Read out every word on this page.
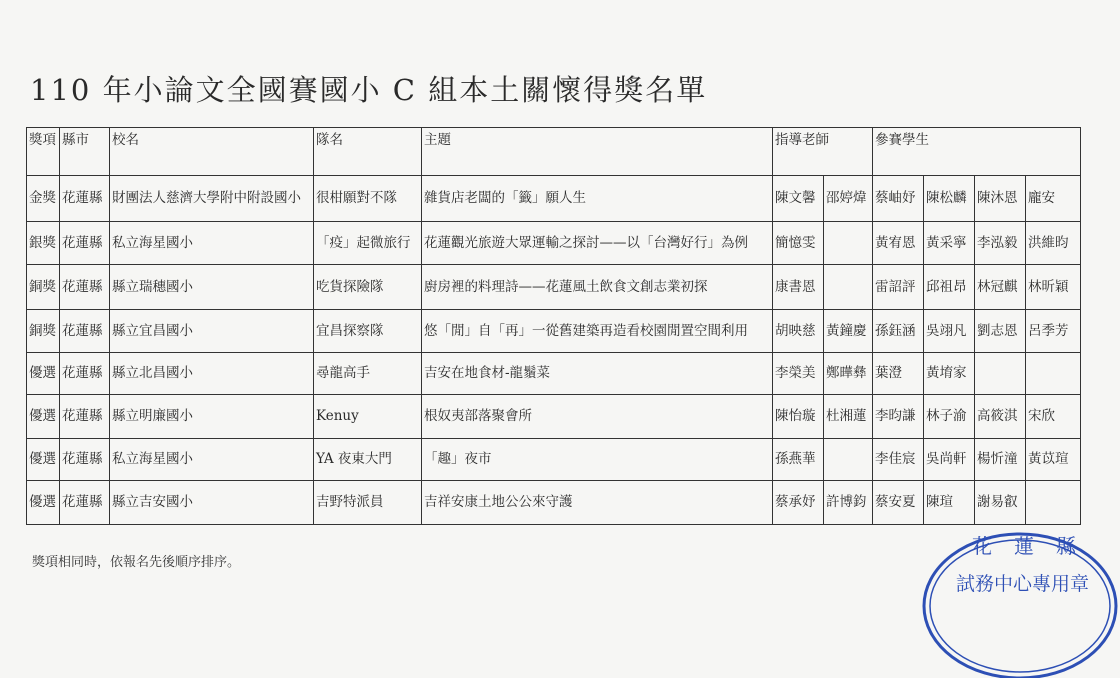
110 年小論文全國賽國小 C 組本土關懷得獎名單
獎項	縣市	校名	隊名	主題	指導老師		參賽學生			
金獎	花蓮縣	財團法人慈濟大學附中附設國小	很柑願對不隊	雜貨店老闆的「籤」願人生	陳文馨	邵婷煒	蔡岫妤	陳松麟	陳沐恩	龐安
銀獎	花蓮縣	私立海星國小	「疫」起微旅行	花蓮觀光旅遊大眾運輸之探討——以「台灣好行」為例	簡憶雯		黃宥恩	黃采寧	李泓毅	洪維昀
銅獎	花蓮縣	縣立瑞穗國小	吃貨探險隊	廚房裡的料理詩——花蓮風土飲食文創志業初探	康書恩		雷詔評	邱祖昂	林冠麒	林昕穎
銅獎	花蓮縣	縣立宜昌國小	宜昌探察隊	悠「閒」自「再」一從舊建築再造看校園閒置空間利用	胡映慈	黃鐘慶	孫鈺涵	吳翊凡	劉志恩	呂季芳
優選	花蓮縣	縣立北昌國小	尋龍高手	吉安在地食材-龍鬚菜	李榮美	鄭曄彝	葉澄	黃堉家		
優選	花蓮縣	縣立明廉國小	Kenuy	根奴夷部落聚會所	陳怡璇	杜湘蓮	李昀謙	林子渝	高筱淇	宋欣
優選	花蓮縣	私立海星國小	YA 夜東大門	「趣」夜市	孫燕華		李佳宸	吳尚軒	楊忻潼	黃苡瑄
優選	花蓮縣	縣立吉安國小	吉野特派員	吉祥安康土地公公來守護	蔡承妤	許博鈞	蔡安夏	陳瑄	謝易叡	
獎項相同時，依報名先後順序排序。
花蓮縣
試務中心專用章
